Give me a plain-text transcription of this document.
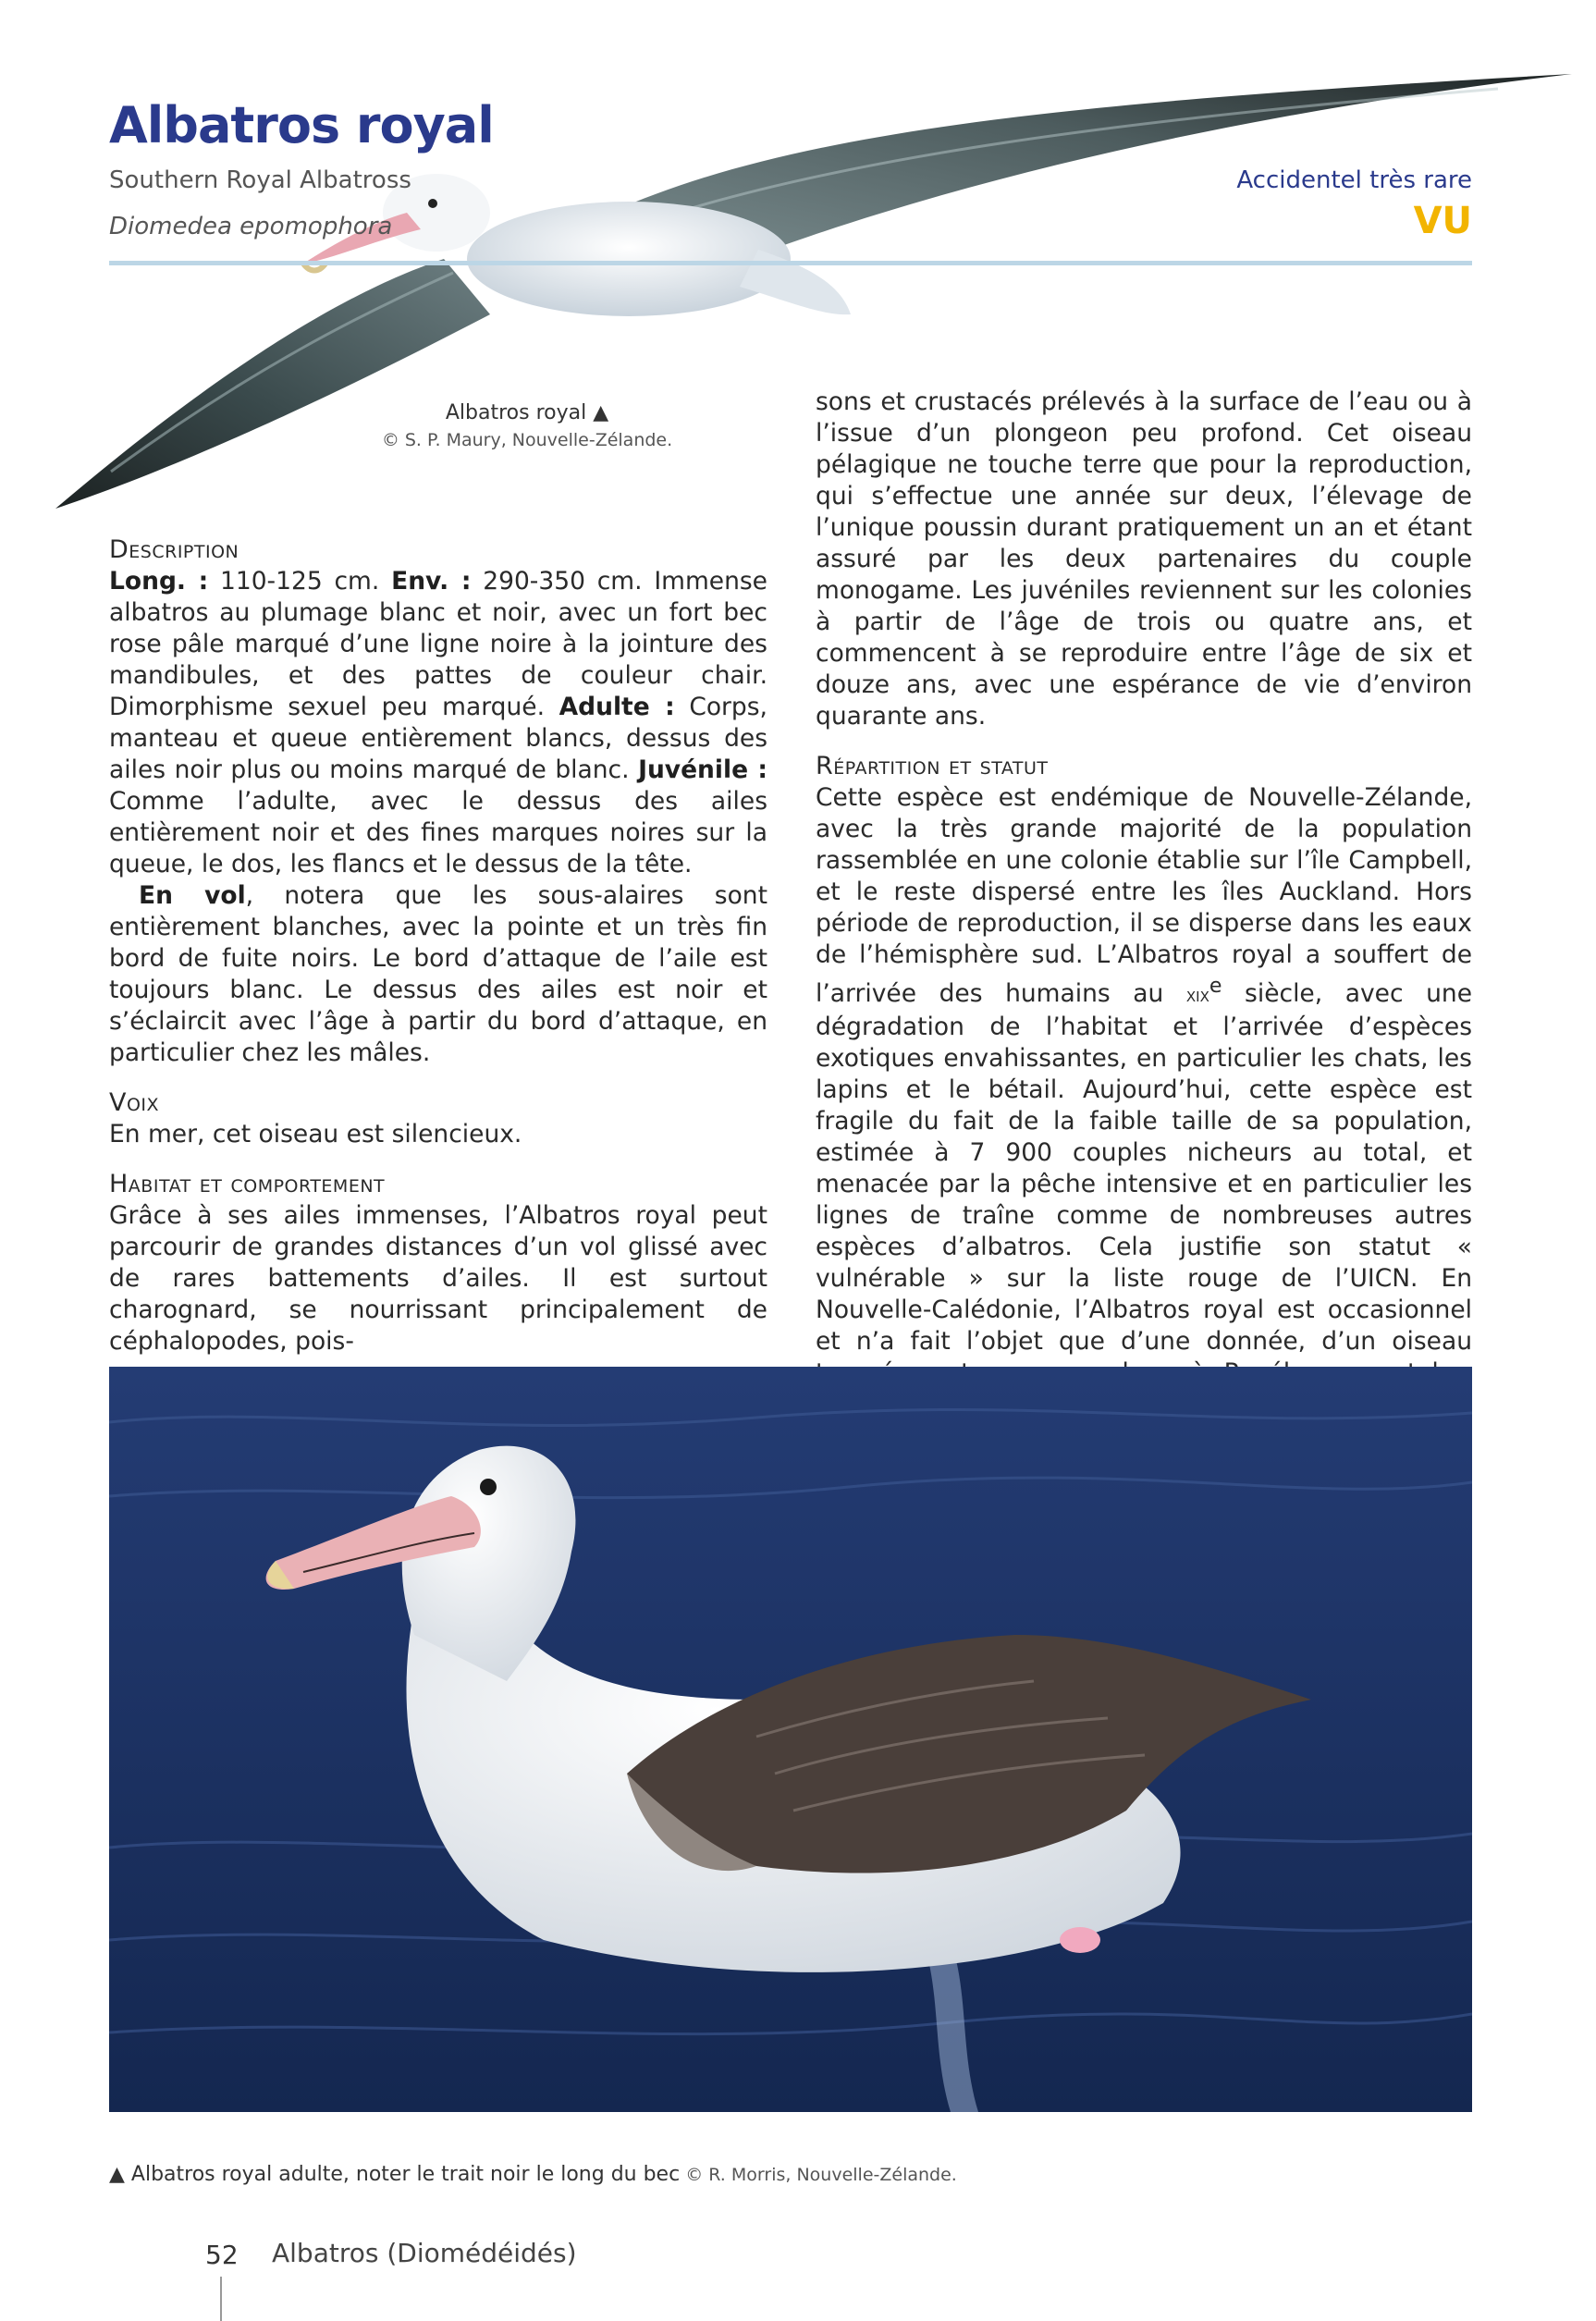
Albatros royal
Southern Royal Albatross
Diomedea epomophora
Accidentel très rare
VU
Albatros royal ▲
© S. P. Maury, Nouvelle-Zélande.
Description

Long. : 110-125 cm. Env. : 290-350 cm. Immense albatros au plumage blanc et noir, avec un fort bec rose pâle marqué d’une ligne noire à la jointure des mandibules, et des pattes de couleur chair. Dimorphisme sexuel peu marqué. Adulte : Corps, manteau et queue entièrement blancs, dessus des ailes noir plus ou moins marqué de blanc. Juvénile : Comme l’adulte, avec le dessus des ailes entièrement noir et des fines marques noires sur la queue, le dos, les flancs et le dessus de la tête.

En vol, notera que les sous-alaires sont entièrement blanches, avec la pointe et un très fin bord de fuite noirs. Le bord d’attaque de l’aile est toujours blanc. Le dessus des ailes est noir et s’éclaircit avec l’âge à partir du bord d’attaque, en particulier chez les mâles.

Voix

En mer, cet oiseau est silencieux.

Habitat et comportement

Grâce à ses ailes immenses, l’Albatros royal peut parcourir de grandes distances d’un vol glissé avec de rares battements d’ailes. Il est surtout charognard, se nourrissant principalement de céphalopodes, pois-

sons et crustacés prélevés à la surface de l’eau ou à l’issue d’un plongeon peu profond. Cet oiseau pélagique ne touche terre que pour la reproduction, qui s’effectue une année sur deux, l’élevage de l’unique poussin durant pratiquement un an et étant assuré par les deux partenaires du couple monogame. Les juvéniles reviennent sur les colonies à partir de l’âge de trois ou quatre ans, et commencent à se reproduire entre l’âge de six et douze ans, avec une espérance de vie d’environ quarante ans.

Répartition et statut

Cette espèce est endémique de Nouvelle-Zélande, avec la très grande majorité de la population rassemblée en une colonie établie sur l’île Campbell, et le reste dispersé entre les îles Auckland. Hors période de reproduction, il se disperse dans les eaux de l’hémisphère sud. L’Albatros royal a souffert de l’arrivée des humains au xix$^e$ siècle, avec une dégradation de l’habitat et l’arrivée d’espèces exotiques envahissantes, en particulier les chats, les lapins et le bétail. Aujourd’hui, cette espèce est fragile du fait de la faible taille de sa population, estimée à 7 900 couples nicheurs au total, et menacée par la pêche intensive et en particulier les lignes de traîne comme de nombreuses autres espèces d’albatros. Cela justifie son statut « vulnérable » sur la liste rouge de l’UICN. En Nouvelle-Calédonie, l’Albatros royal est occasionnel et n’a fait l’objet que d’une donnée, d’un oiseau

▲ Albatros royal adulte, noter le trait noir le long du bec © R. Morris, Nouvelle-Zélande.
52 Albatros (Diomédéidés)
